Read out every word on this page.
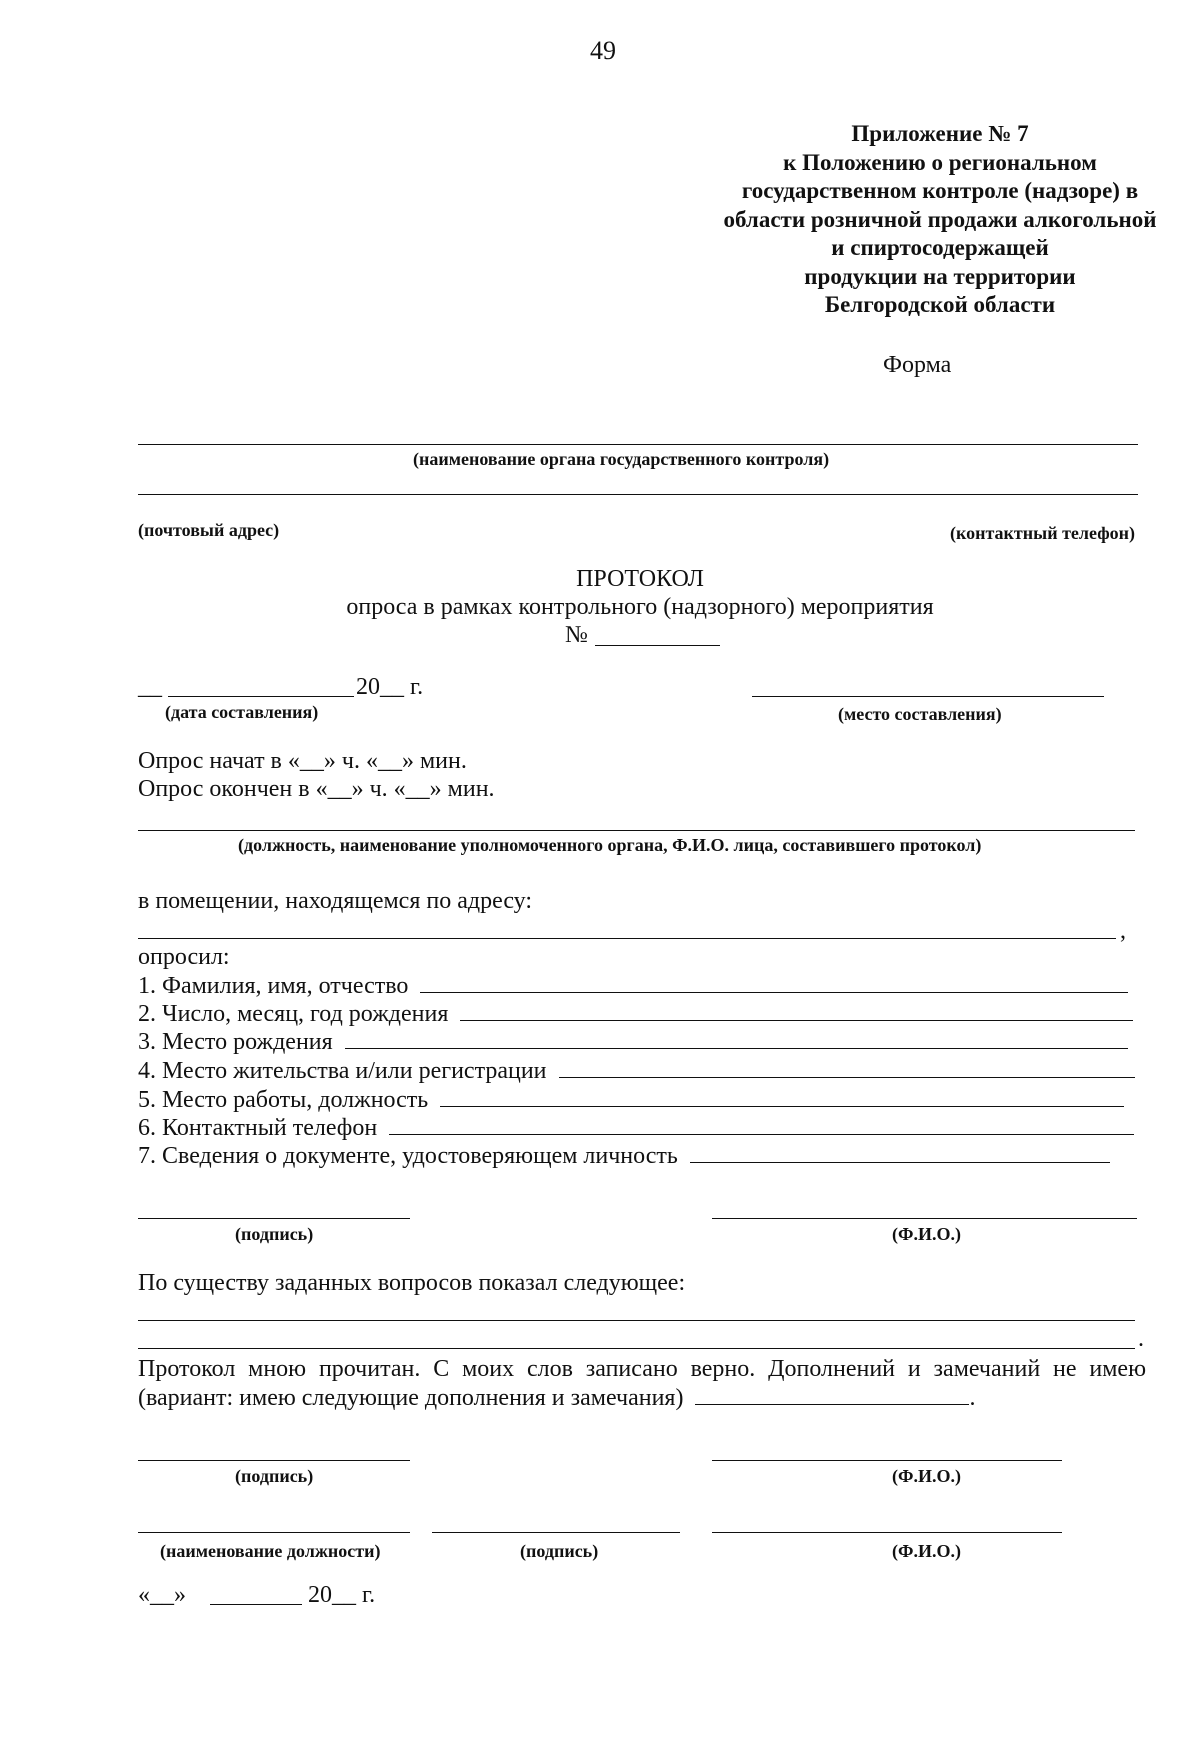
49
Приложение № 7
к Положению о региональном
государственном контроле (надзоре) в
области розничной продажи алкогольной
и спиртосодержащей
продукции на территории
Белгородской области
Форма
(наименование органа государственного контроля)
(почтовый адрес)	(контактный телефон)
ПРОТОКОЛ
опроса в рамках контрольного (надзорного) мероприятия
№
__	20__ г.
(дата составления)	(место составления)
Опрос начат в «__» ч. «__» мин.
Опрос окончен в «__» ч. «__» мин.
(должность, наименование уполномоченного органа, Ф.И.О. лица, составившего протокол)
в помещении, находящемся по адресу:
,
опросил:
1. Фамилия, имя, отчество
2. Число, месяц, год рождения
3. Место рождения
4. Место жительства и/или регистрации
5. Место работы, должность
6. Контактный телефон
7. Сведения о документе, удостоверяющем личность
(подпись)	(Ф.И.О.)
По существу заданных вопросов показал следующее:
.
Протокол мною прочитан. С моих слов записано верно. Дополнений и замечаний не имею
(вариант: имею следующие дополнения и замечания)	.
(подпись)	(Ф.И.О.)
(наименование должности)	(подпись)	(Ф.И.О.)
«__»	20__ г.
